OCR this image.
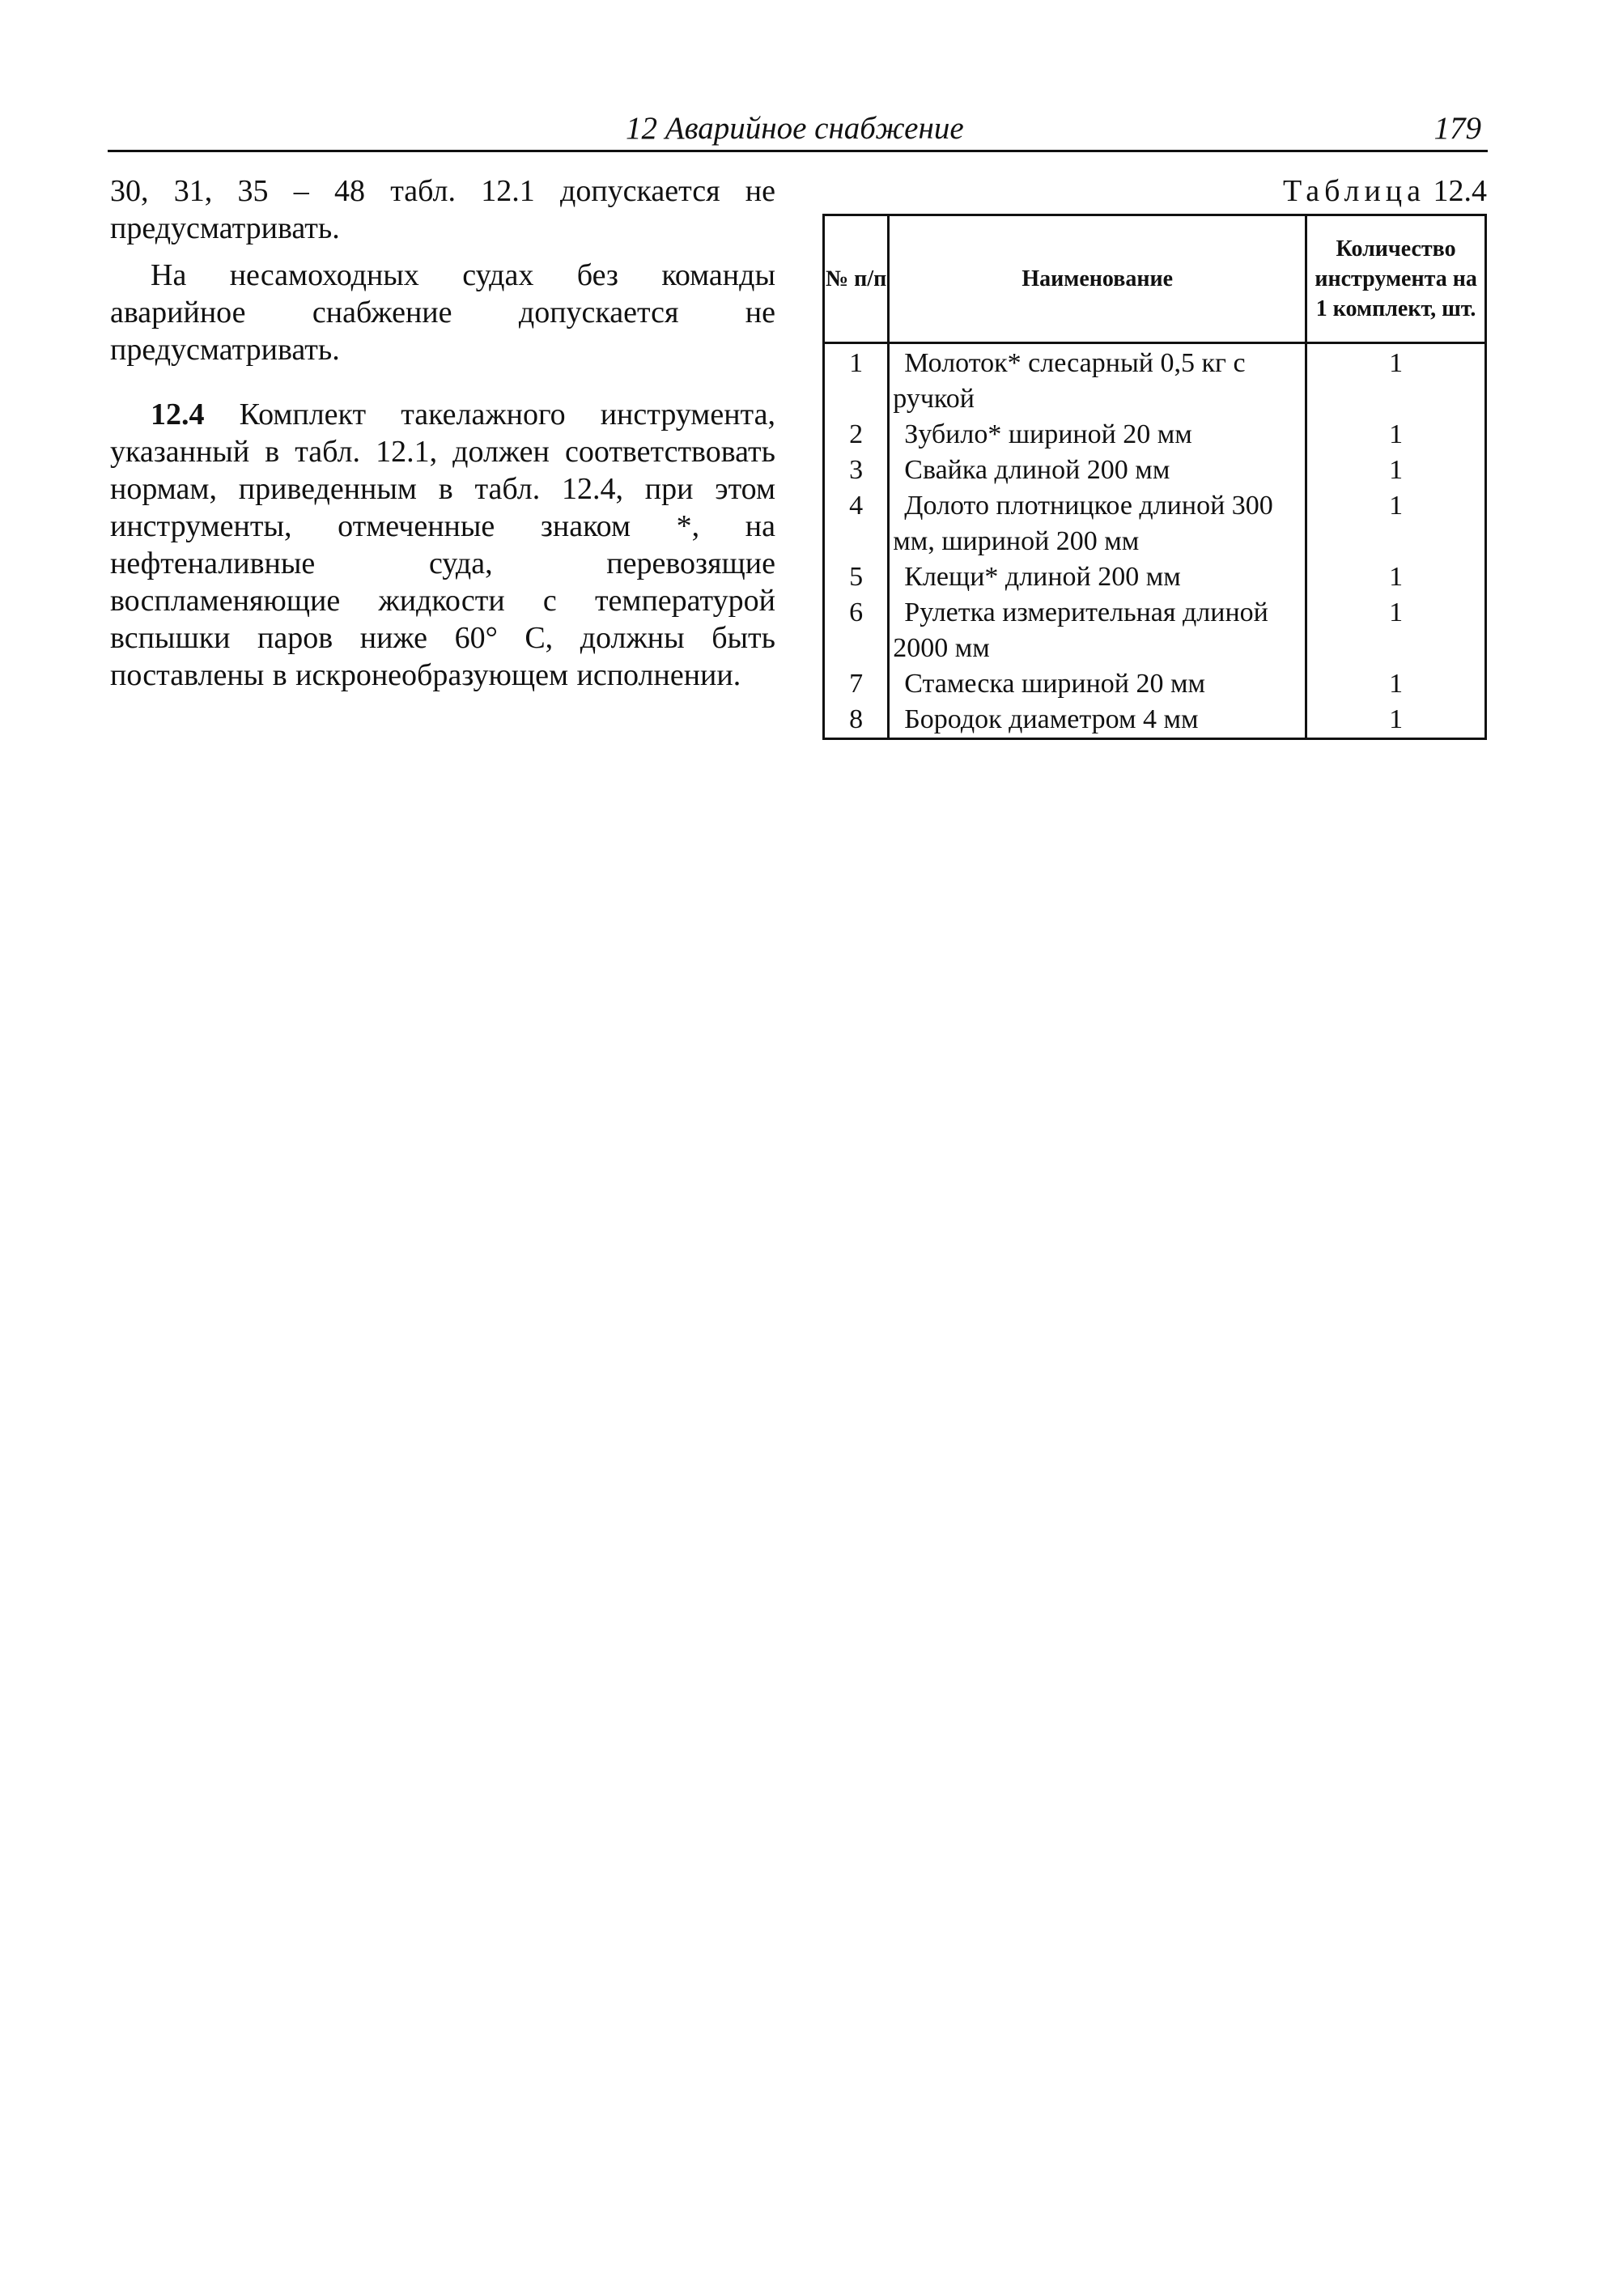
12 Аварийное снабжение	179

30, 31, 35 – 48 табл. 12.1 допускается не предусматривать.

На несамоходных судах без команды аварийное снабжение допускается не предусматривать.

12.4 Комплект такелажного инструмента, указанный в табл. 12.1, должен соответствовать нормам, приведенным в табл. 12.4, при этом инструменты, отмеченные знаком *, на нефтеналивные суда, перевозящие воспламеняющие жидкости с температурой вспышки паров ниже 60° С, должны быть поставлены в искронеобразующем исполнении.

Таблица 12.4
№ п/п	Наименование	Количество инструмента на 1 комплект, шт.
1	Молоток* слесарный 0,5 кг с ручкой	1
2	Зубило* шириной 20 мм	1
3	Свайка длиной 200 мм	1
4	Долото плотницкое длиной 300 мм, шириной 200 мм	1
5	Клещи* длиной 200 мм	1
6	Рулетка измерительная длиной 2000 мм	1
7	Стамеска шириной 20 мм	1
8	Бородок диаметром 4 мм	1
